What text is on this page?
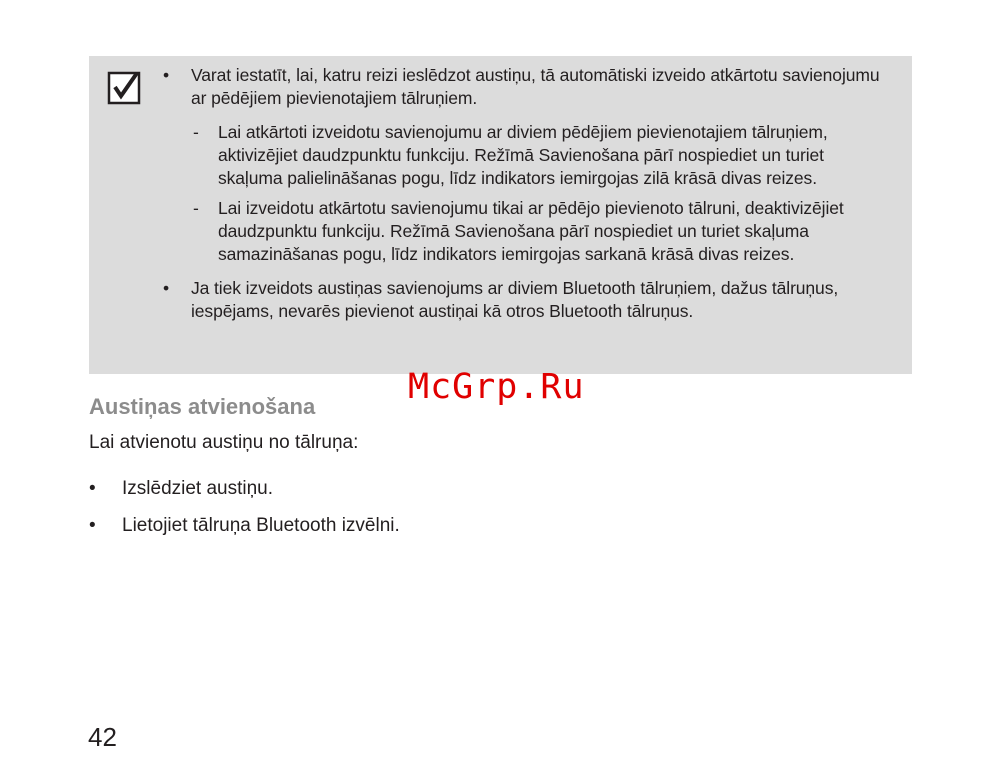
• Varat iestatīt, lai, katru reizi ieslēdzot austiņu, tā automātiski izveido atkārtotu savienojumu ar pēdējiem pievienotajiem tālruņiem.
- Lai atkārtoti izveidotu savienojumu ar diviem pēdējiem pievienotajiem tālruņiem, aktivizējiet daudzpunktu funkciju. Režīmā Savienošana pārī nospiediet un turiet skaļuma palielināšanas pogu, līdz indikators iemirgojas zilā krāsā divas reizes.
- Lai izveidotu atkārtotu savienojumu tikai ar pēdējo pievienoto tālruni, deaktivizējiet daudzpunktu funkciju. Režīmā Savienošana pārī nospiediet un turiet skaļuma samazināšanas pogu, līdz indikators iemirgojas sarkanā krāsā divas reizes.
• Ja tiek izveidots austiņas savienojums ar diviem Bluetooth tālruņiem, dažus tālruņus, iespējams, nevarēs pievienot austiņai kā otros Bluetooth tālruņus.
McGrp.Ru
Austiņas atvienošana

Lai atvienotu austiņu no tālruņa:

• Izslēdziet austiņu.
• Lietojiet tālruņa Bluetooth izvēlni.
42
